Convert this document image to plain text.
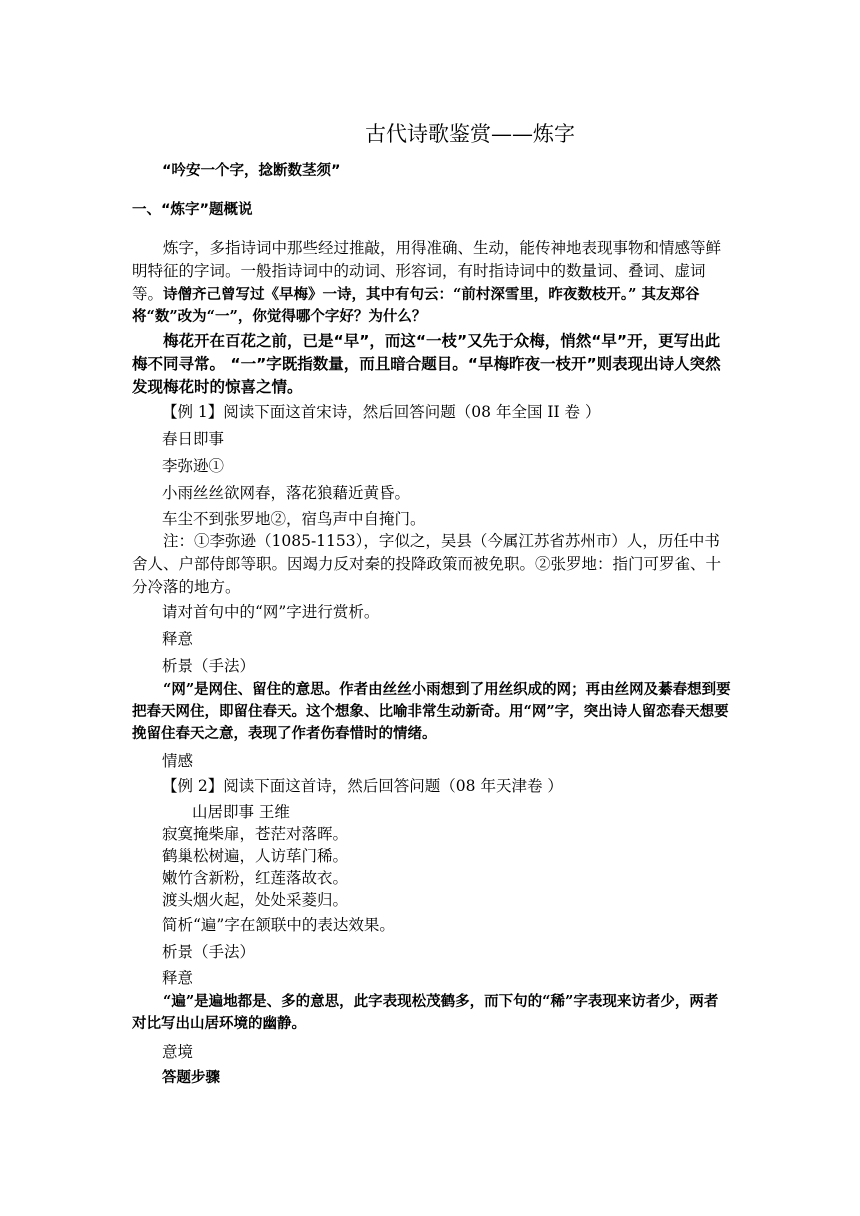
古代诗歌鉴赏——炼字
“吟安一个字，捻断数茎须”
一、“炼字”题概说

炼字，多指诗词中那些经过推敲，用得准确、生动，能传神地表现事物和情感等鲜明特征的字词。一般指诗词中的动词、形容词，有时指诗词中的数量词、叠词、虚词等。 诗僧齐己曾写过《早梅》一诗，其中有句云：“前村深雪里，昨夜数枝开。” 其友郑谷将“数”改为“一”，你觉得哪个字好？为什么？

梅花开在百花之前，已是“早”，而这“一枝”又先于众梅，悄然“早”开，更写出此梅不同寻常。 “一”字既指数量，而且暗合题目。“早梅昨夜一枝开”则表现出诗人突然发现梅花时的惊喜之情。

【例 1】阅读下面这首宋诗，然后回答问题（08 年全国 II 卷 ）
春日即事
李弥逊①
小雨丝丝欲网春，落花狼藉近黄昏。
车尘不到张罗地②，宿鸟声中自掩门。

注：①李弥逊（1085-1153），字似之，吴县（今属江苏省苏州市）人，历任中书舍人、户部侍郎等职。因竭力反对秦的投降政策而被免职。②张罗地：指门可罗雀、十分冷落的地方。

请对首句中的“网”字进行赏析。
释意
析景（手法）

“网”是网住、留住的意思。作者由丝丝小雨想到了用丝织成的网；再由丝网及綦春想到要把春天网住，即留住春天。这个想象、比喻非常生动新奇。用“网”字，突出诗人留恋春天想要挽留住春天之意，表现了作者伤春惜时的情绪。

情感
【例 2】阅读下面这首诗，然后回答问题（08 年天津卷 ）
山居即事 王维
寂寞掩柴扉，苍茫对落晖。
鹤巢松树遍，人访荜门稀。
嫩竹含新粉，红莲落故衣。
渡头烟火起，处处采菱归。
简析“遍”字在颔联中的表达效果。
析景（手法）
释意

“遍”是遍地都是、多的意思，此字表现松茂鹤多，而下句的“稀”字表现来访者少，两者对比写出山居环境的幽静。

意境
答题步骤
